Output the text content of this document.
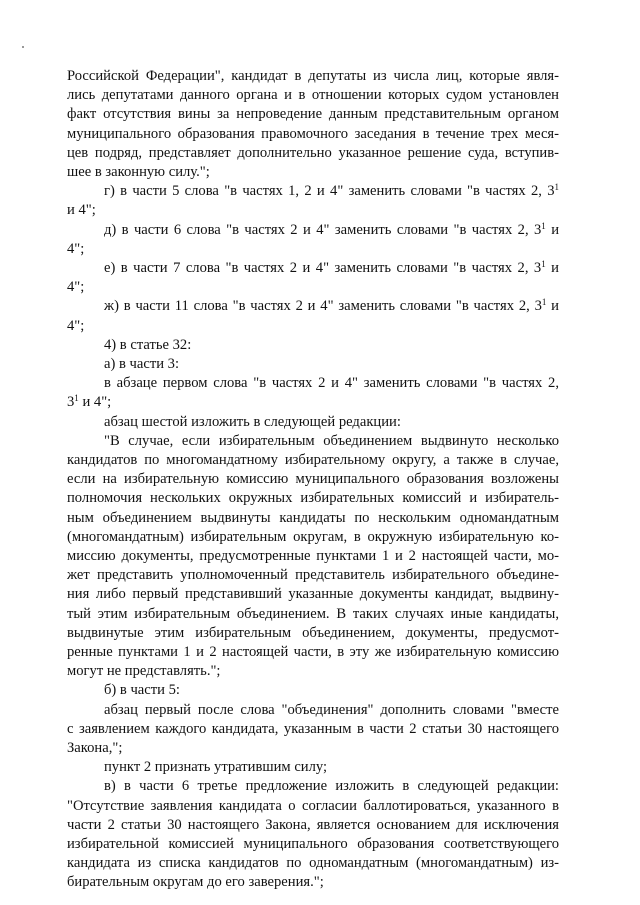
Российской Федерации", кандидат в депутаты из числа лиц, которые явля-
лись депутатами данного органа и в отношении которых судом установлен
факт отсутствия вины за непроведение данным представительным органом
муниципального образования правомочного заседания в течение трех меся-
цев подряд, представляет дополнительно указанное решение суда, вступив-
шее в законную силу.";
г) в части 5 слова "в частях 1, 2 и 4" заменить словами "в частях 2, $3^1$
и 4";
д) в части 6 слова "в частях 2 и 4" заменить словами "в частях 2, $3^1$ и
4";
е) в части 7 слова "в частях 2 и 4" заменить словами "в частях 2, $3^1$ и
4";
ж) в части 11 слова "в частях 2 и 4" заменить словами "в частях 2, $3^1$ и
4";
4) в статье 32:
а) в части 3:
в абзаце первом слова "в частях 2 и 4" заменить словами "в частях 2,
$3^1$ и 4";
абзац шестой изложить в следующей редакции:
"В случае, если избирательным объединением выдвинуто несколько
кандидатов по многомандатному избирательному округу, а также в случае,
если на избирательную комиссию муниципального образования возложены
полномочия нескольких окружных избирательных комиссий и избиратель-
ным объединением выдвинуты кандидаты по нескольким одномандатным
(многомандатным) избирательным округам, в окружную избирательную ко-
миссию документы, предусмотренные пунктами 1 и 2 настоящей части, мо-
жет представить уполномоченный представитель избирательного объедине-
ния либо первый представивший указанные документы кандидат, выдвину-
тый этим избирательным объединением. В таких случаях иные кандидаты,
выдвинутые этим избирательным объединением, документы, предусмот-
ренные пунктами 1 и 2 настоящей части, в эту же избирательную комиссию
могут не представлять.";
б) в части 5:
абзац первый после слова "объединения" дополнить словами "вместе
с заявлением каждого кандидата, указанным в части 2 статьи 30 настоящего
Закона,";
пункт 2 признать утратившим силу;
в) в части 6 третье предложение изложить в следующей редакции:
"Отсутствие заявления кандидата о согласии баллотироваться, указанного в
части 2 статьи 30 настоящего Закона, является основанием для исключения
избирательной комиссией муниципального образования соответствующего
кандидата из списка кандидатов по одномандатным (многомандатным) из-
бирательным округам до его заверения.";
